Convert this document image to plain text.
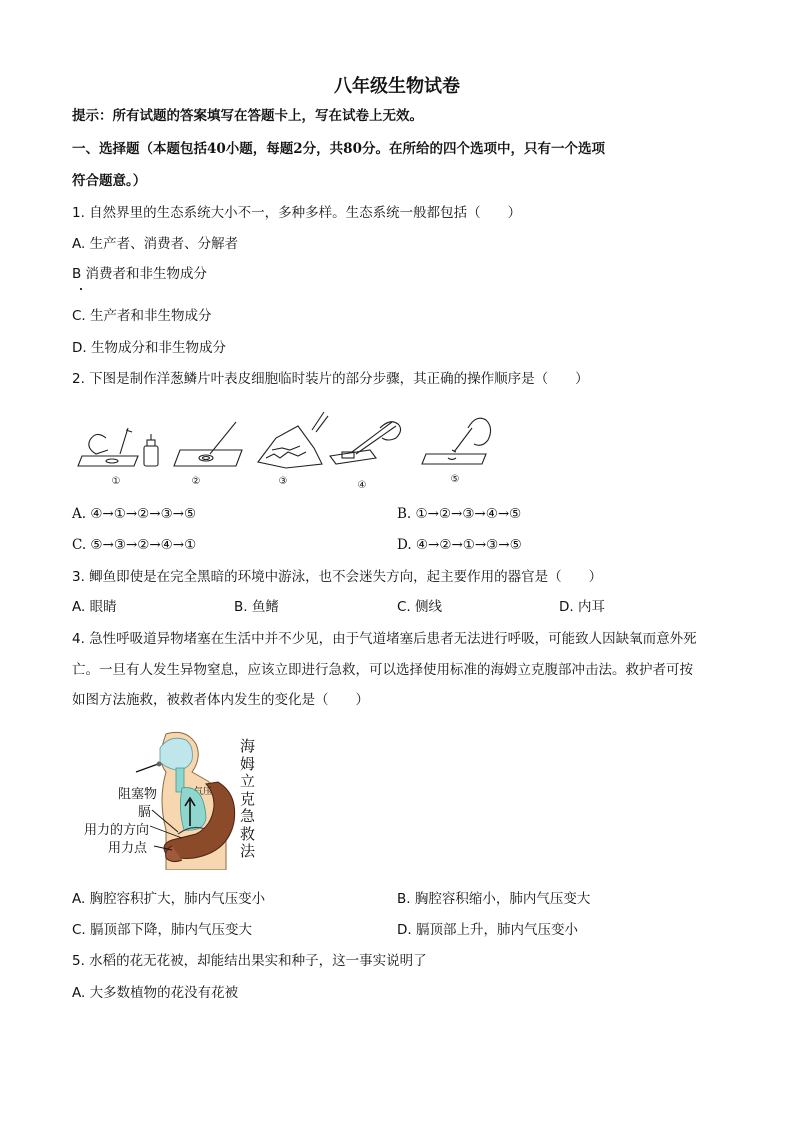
八年级生物试卷
提示：所有试题的答案填写在答题卡上，写在试卷上无效。
一、选择题（本题包括40小题，每题2分，共80分。在所给的四个选项中，只有一个选项
符合题意。）
1. 自然界里的生态系统大小不一，多种多样。生态系统一般都包括（　　）
A. 生产者、消费者、分解者
B 消费者和非生物成分
C. 生产者和非生物成分
D. 生物成分和非生物成分
2. 下图是制作洋葱鳞片叶表皮细胞临时装片的部分步骤，其正确的操作顺序是（　　）
①	②	③	④
⑤
A. ④→①→②→③→⑤	B. ①→②→③→④→⑤
C. ⑤→③→②→④→①	D. ④→②→①→③→⑤
3. 鲫鱼即使是在完全黑暗的环境中游泳，也不会迷失方向，起主要作用的器官是（　　）
A. 眼睛	B. 鱼鳍	C. 侧线	D. 内耳
4. 急性呼吸道异物堵塞在生活中并不少见，由于气道堵塞后患者无法进行呼吸，可能致人因缺氧而意外死
亡。一旦有人发生异物窒息，应该立即进行急救，可以选择使用标准的海姆立克腹部冲击法。救护者可按
如图方法施救，被救者体内发生的变化是（　　）
阻塞物
膈
用力的方向
用力点
气压
海姆立克急救法
A. 胸腔容积扩大，肺内气压变小	B. 胸腔容积缩小，肺内气压变大
C. 膈顶部下降，肺内气压变大	D. 膈顶部上升，肺内气压变小
5. 水稻的花无花被，却能结出果实和种子，这一事实说明了
A. 大多数植物的花没有花被
